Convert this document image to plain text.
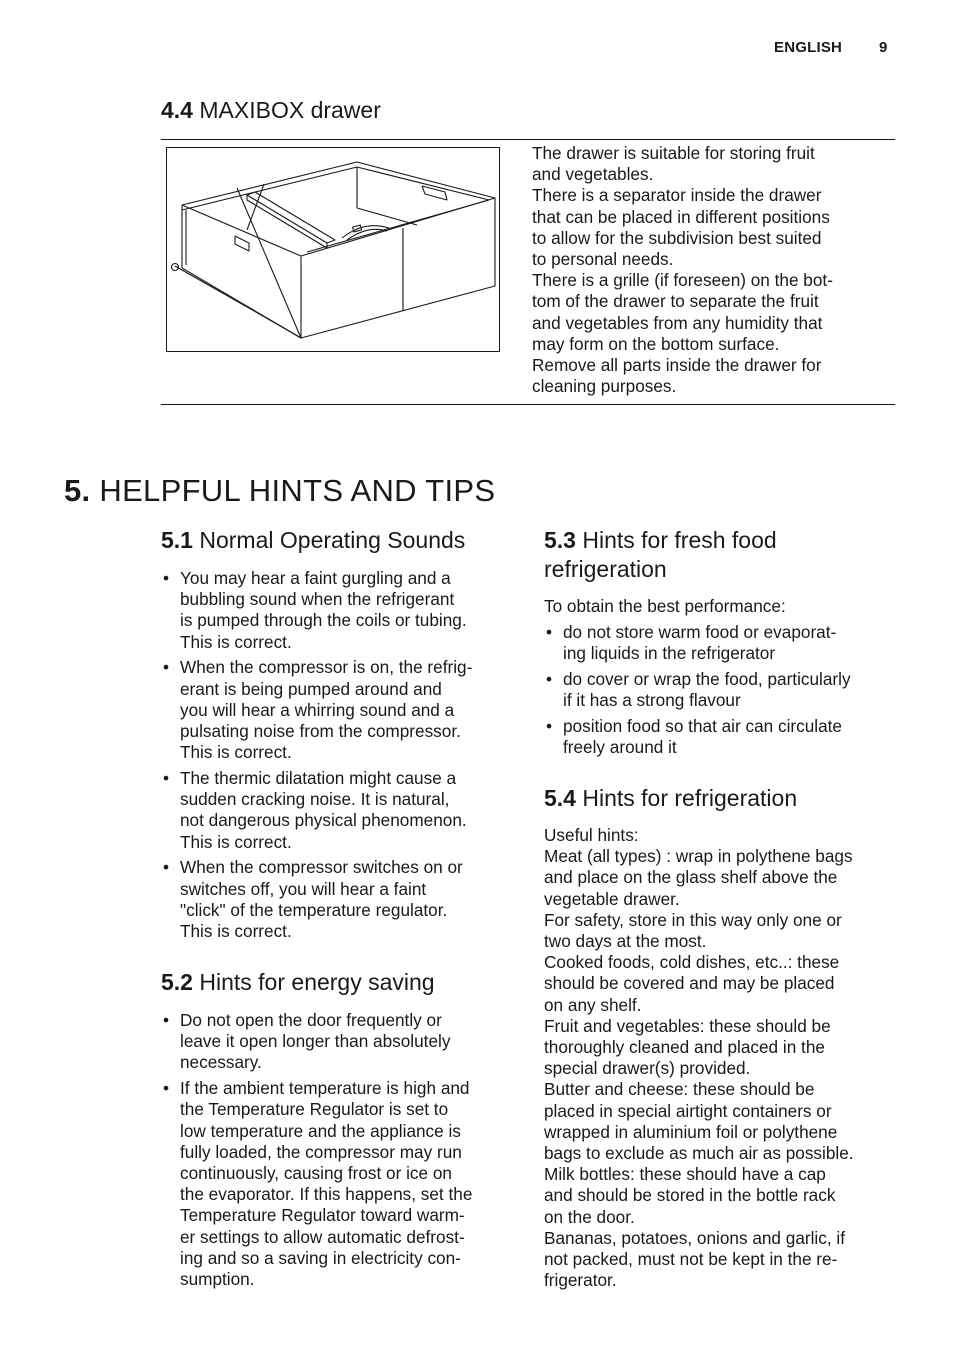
ENGLISH 9
4.4 MAXIBOX drawer

The drawer is suitable for storing fruit

and vegetables.

There is a separator inside the drawer

that can be placed in different positions

to allow for the subdivision best suited

to personal needs.

There is a grille (if foreseen) on the bot-

tom of the drawer to separate the fruit

and vegetables from any humidity that

may form on the bottom surface.

Remove all parts inside the drawer for

cleaning purposes.

5. HELPFUL HINTS AND TIPS
5.1 Normal Operating Sounds
• You may hear a faint gurgling and a
bubbling sound when the refrigerant
is pumped through the coils or tubing.
This is correct.
• When the compressor is on, the refrig-
erant is being pumped around and
you will hear a whirring sound and a
pulsating noise from the compressor.
This is correct.
• The thermic dilatation might cause a
sudden cracking noise. It is natural,
not dangerous physical phenomenon.
This is correct.
• When the compressor switches on or
switches off, you will hear a faint
"click" of the temperature regulator.
This is correct.
5.2 Hints for energy saving
• Do not open the door frequently or
leave it open longer than absolutely
necessary.
• If the ambient temperature is high and
the Temperature Regulator is set to
low temperature and the appliance is
fully loaded, the compressor may run
continuously, causing frost or ice on
the evaporator. If this happens, set the
Temperature Regulator toward warm-
er settings to allow automatic defrost-
ing and so a saving in electricity con-
sumption.
5.3 Hints for fresh food
refrigeration
To obtain the best performance:
• do not store warm food or evaporat-
ing liquids in the refrigerator
• do cover or wrap the food, particularly
if it has a strong flavour
• position food so that air can circulate
freely around it
5.4 Hints for refrigeration

Useful hints:

Meat (all types) : wrap in polythene bags

and place on the glass shelf above the

vegetable drawer.

For safety, store in this way only one or

two days at the most.

Cooked foods, cold dishes, etc..: these

should be covered and may be placed

on any shelf.

Fruit and vegetables: these should be

thoroughly cleaned and placed in the

special drawer(s) provided.

Butter and cheese: these should be

placed in special airtight containers or

wrapped in aluminium foil or polythene

bags to exclude as much air as possible.

Milk bottles: these should have a cap

and should be stored in the bottle rack

on the door.

Bananas, potatoes, onions and garlic, if

not packed, must not be kept in the re-

frigerator.
